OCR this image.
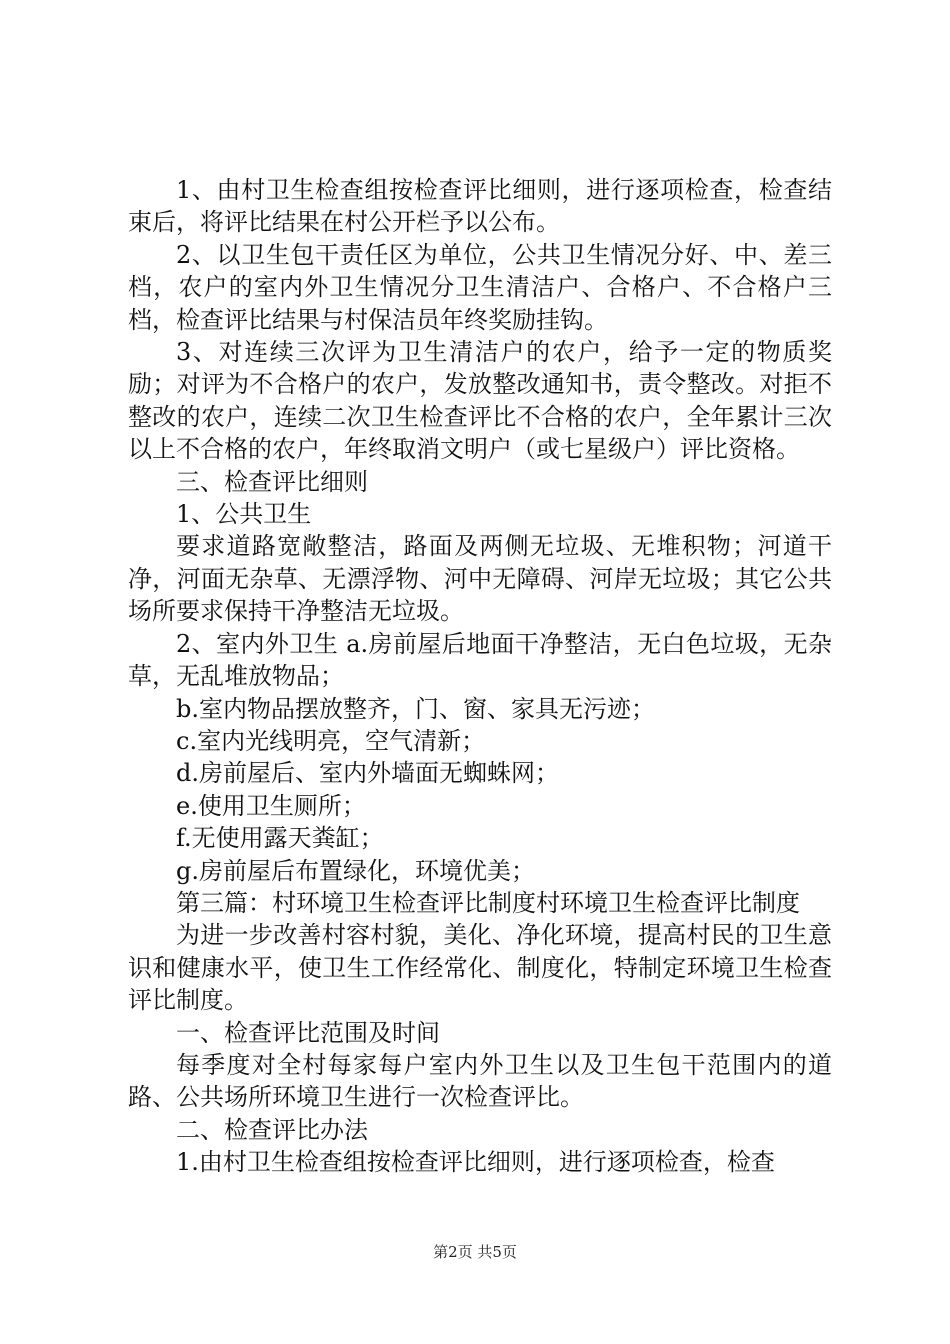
1、由村卫生检查组按检查评比细则，进行逐项检查，检查结束后，将评比结果在村公开栏予以公布。

2、以卫生包干责任区为单位，公共卫生情况分好、中、差三档，农户的室内外卫生情况分卫生清洁户、合格户、不合格户三档，检查评比结果与村保洁员年终奖励挂钩。

3、对连续三次评为卫生清洁户的农户，给予一定的物质奖励；对评为不合格户的农户，发放整改通知书，责令整改。对拒不整改的农户，连续二次卫生检查评比不合格的农户，全年累计三次以上不合格的农户，年终取消文明户（或七星级户）评比资格。

三、检查评比细则

1、公共卫生

要求道路宽敞整洁，路面及两侧无垃圾、无堆积物；河道干净，河面无杂草、无漂浮物、河中无障碍、河岸无垃圾；其它公共场所要求保持干净整洁无垃圾。

2、室内外卫生 a.房前屋后地面干净整洁，无白色垃圾，无杂草，无乱堆放物品；

b.室内物品摆放整齐，门、窗、家具无污迹；

c.室内光线明亮，空气清新；

d.房前屋后、室内外墙面无蜘蛛网；

e.使用卫生厕所；

f.无使用露天粪缸；

g.房前屋后布置绿化，环境优美；

第三篇：村环境卫生检查评比制度村环境卫生检查评比制度

为进一步改善村容村貌，美化、净化环境，提高村民的卫生意识和健康水平，使卫生工作经常化、制度化，特制定环境卫生检查评比制度。

一、检查评比范围及时间

每季度对全村每家每户室内外卫生以及卫生包干范围内的道路、公共场所环境卫生进行一次检查评比。

二、检查评比办法

1.由村卫生检查组按检查评比细则，进行逐项检查，检查

第2页 共5页
